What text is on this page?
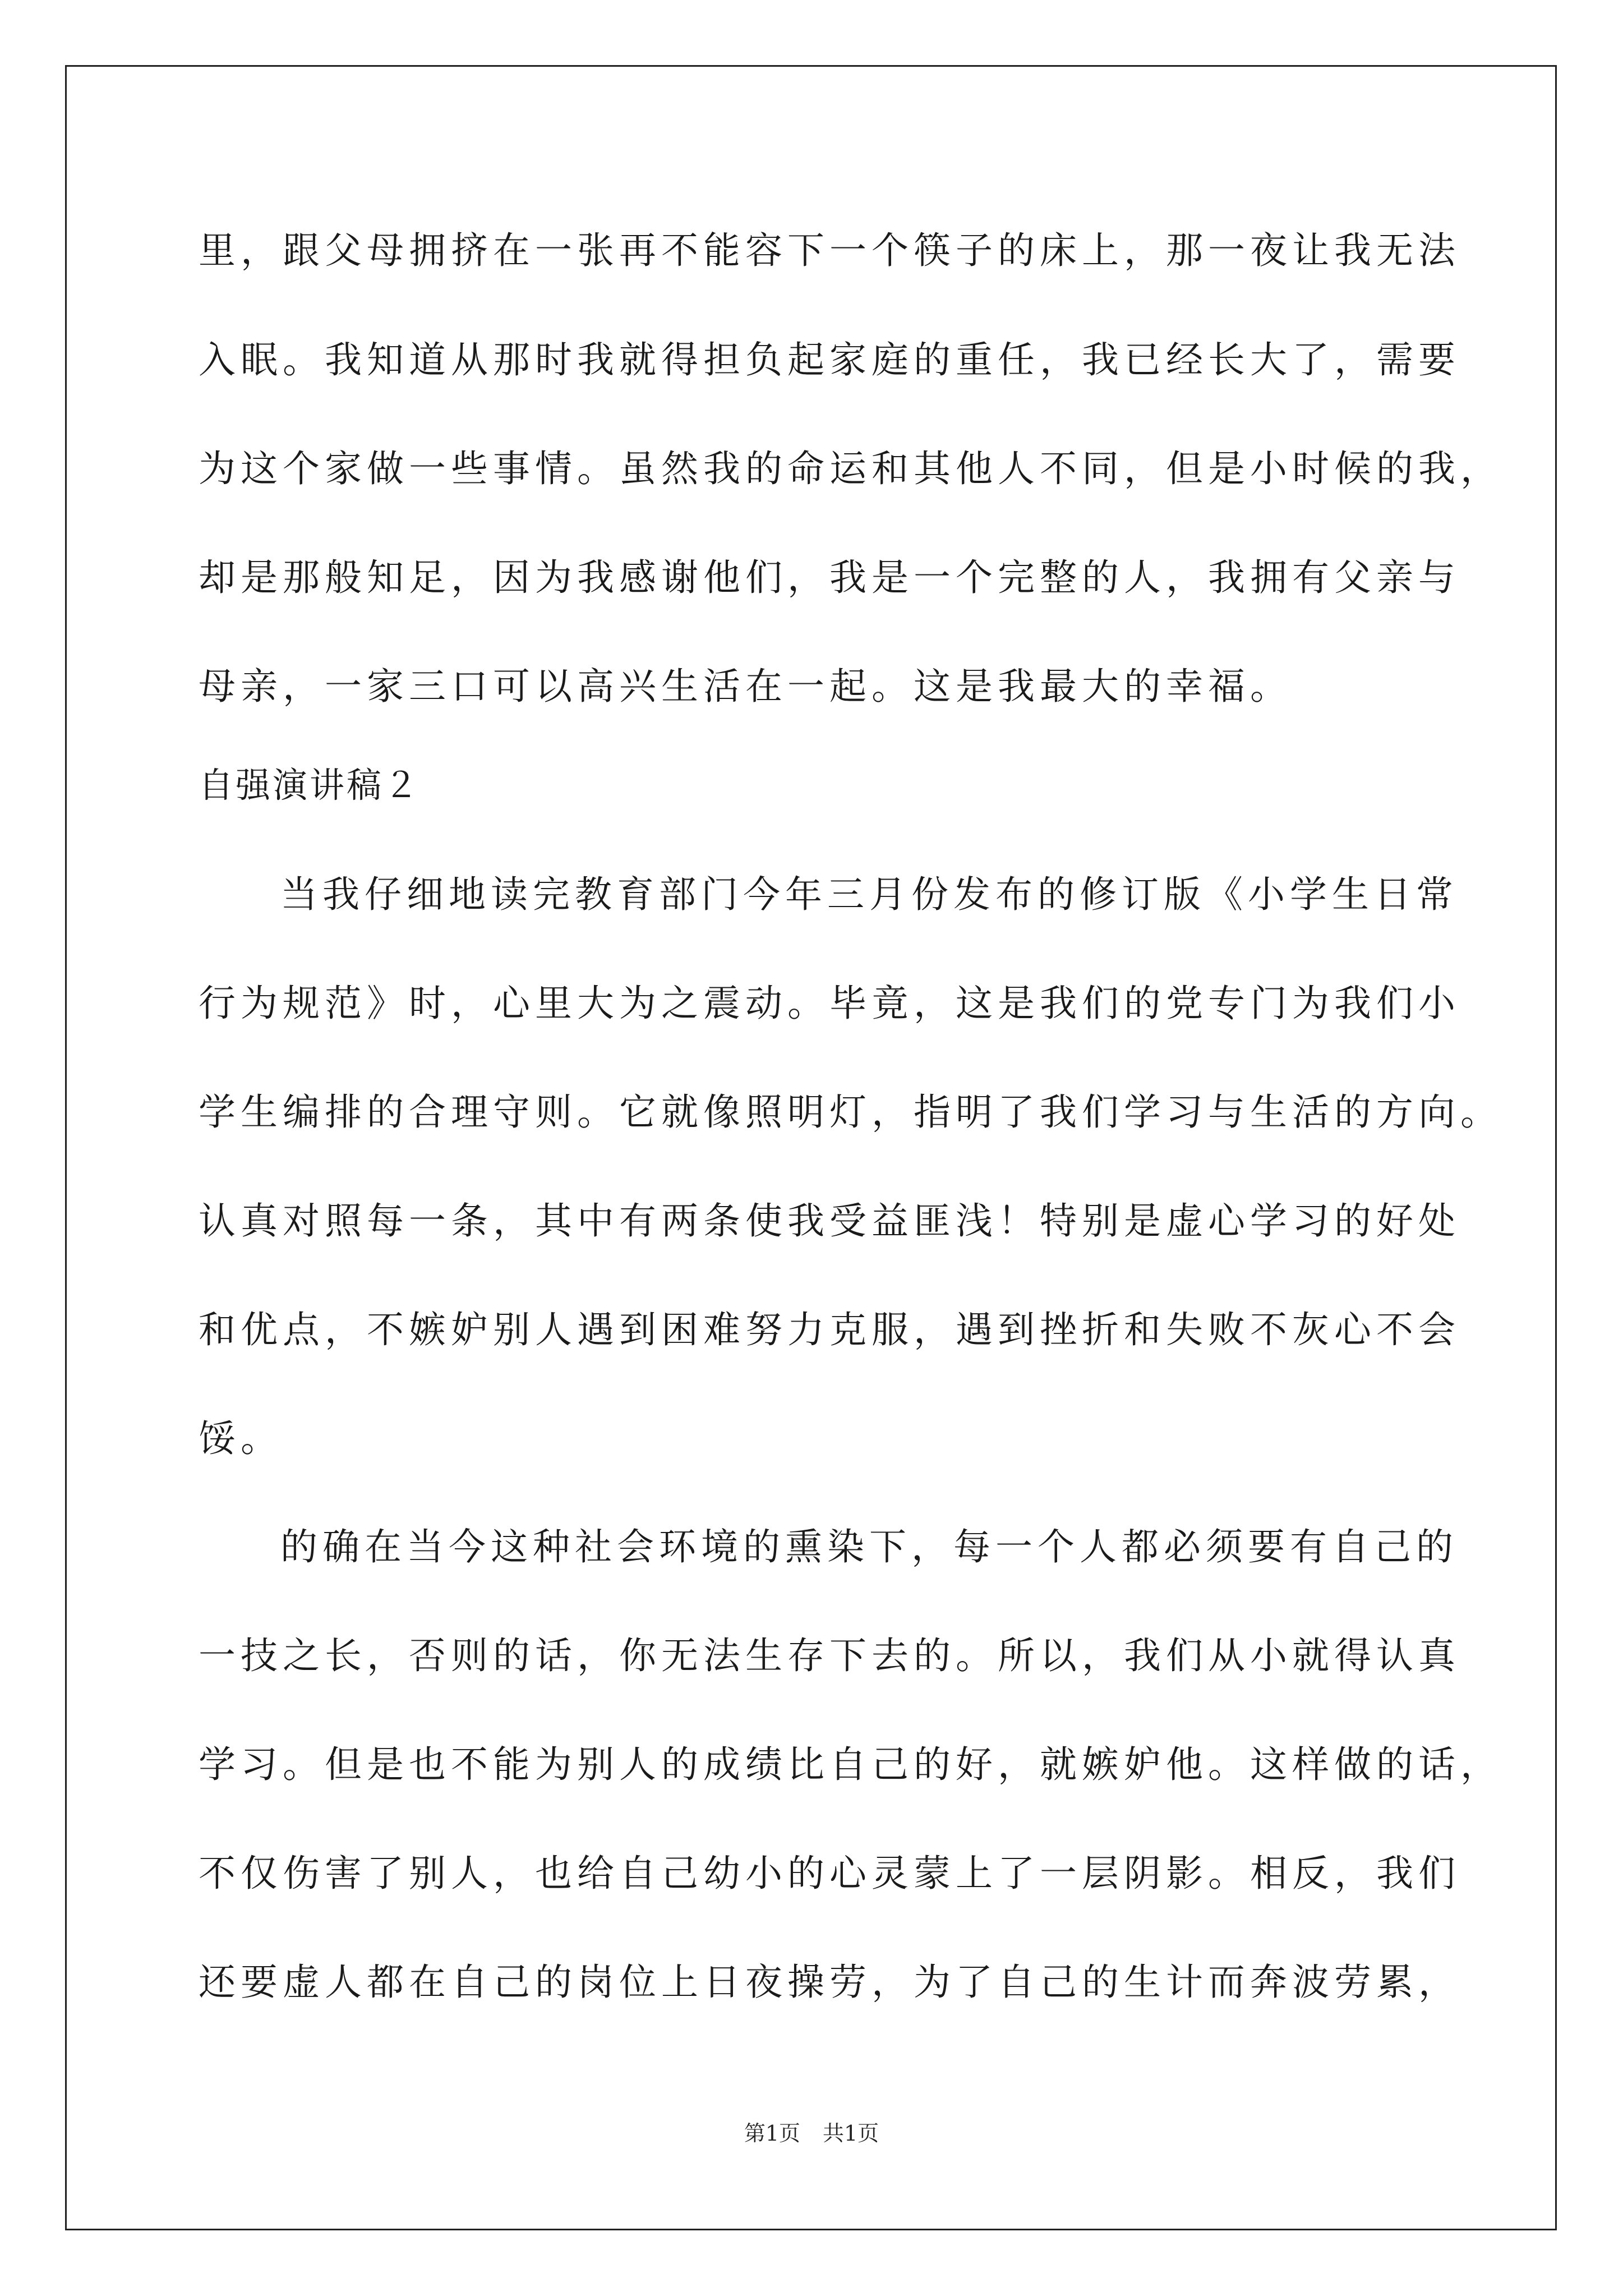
里，跟父母拥挤在一张再不能容下一个筷子的床上，那一夜让我无法
入眠。我知道从那时我就得担负起家庭的重任，我已经长大了，需要
为这个家做一些事情。虽然我的命运和其他人不同，但是小时候的我，
却是那般知足，因为我感谢他们，我是一个完整的人，我拥有父亲与
母亲，一家三口可以高兴生活在一起。这是我最大的幸福。
自强演讲稿２
当我仔细地读完教育部门今年三月份发布的修订版《小学生日常
行为规范》时，心里大为之震动。毕竟，这是我们的党专门为我们小
学生编排的合理守则。它就像照明灯，指明了我们学习与生活的方向。
认真对照每一条，其中有两条使我受益匪浅！特别是虚心学习的好处
和优点，不嫉妒别人遇到困难努力克服，遇到挫折和失败不灰心不会
馁。
的确在当今这种社会环境的熏染下，每一个人都必须要有自己的
一技之长，否则的话，你无法生存下去的。所以，我们从小就得认真
学习。但是也不能为别人的成绩比自己的好，就嫉妒他。这样做的话，
不仅伤害了别人，也给自己幼小的心灵蒙上了一层阴影。相反，我们
还要虚人都在自己的岗位上日夜操劳，为了自己的生计而奔波劳累，
第1页 共1页
